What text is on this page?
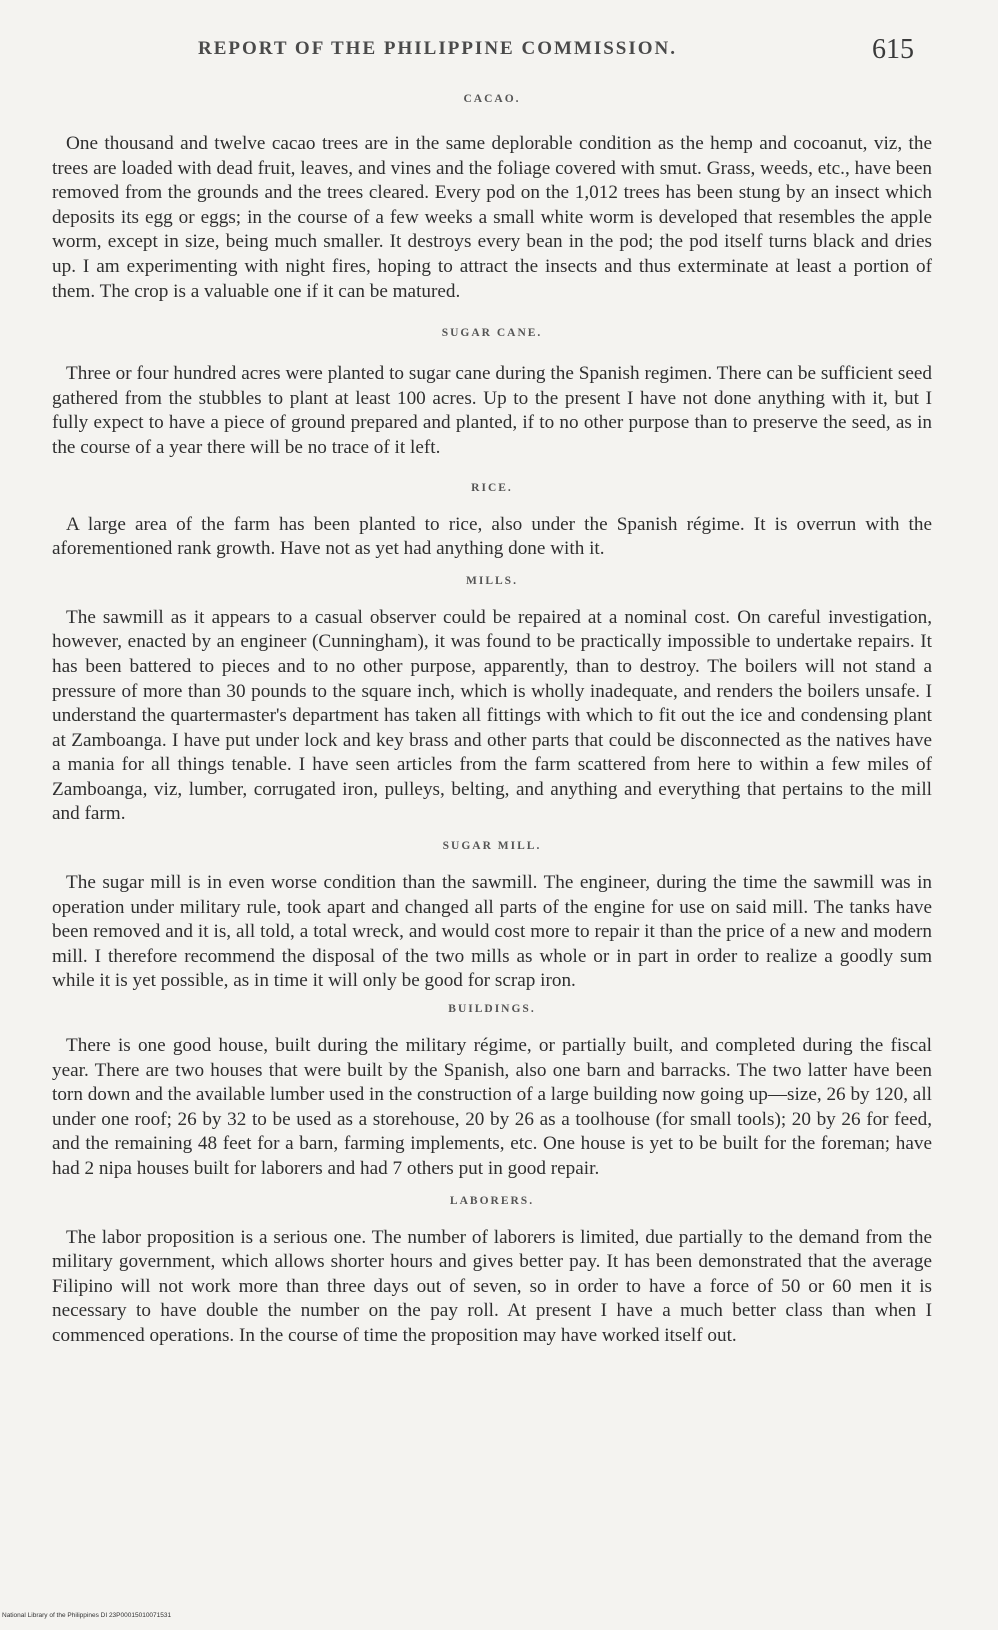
REPORT OF THE PHILIPPINE COMMISSION.	615
CACAO.

One thousand and twelve cacao trees are in the same deplorable condition as the hemp and cocoanut, viz, the trees are loaded with dead fruit, leaves, and vines and the foliage covered with smut. Grass, weeds, etc., have been removed from the grounds and the trees cleared. Every pod on the 1,012 trees has been stung by an insect which deposits its egg or eggs; in the course of a few weeks a small white worm is developed that resembles the apple worm, except in size, being much smaller. It destroys every bean in the pod; the pod itself turns black and dries up. I am experimenting with night fires, hoping to attract the insects and thus exterminate at least a portion of them. The crop is a valuable one if it can be matured.

SUGAR CANE.

Three or four hundred acres were planted to sugar cane during the Spanish regimen. There can be sufficient seed gathered from the stubbles to plant at least 100 acres. Up to the present I have not done anything with it, but I fully expect to have a piece of ground prepared and planted, if to no other purpose than to preserve the seed, as in the course of a year there will be no trace of it left.

RICE.

A large area of the farm has been planted to rice, also under the Spanish régime. It is overrun with the aforementioned rank growth. Have not as yet had anything done with it.

MILLS.

The sawmill as it appears to a casual observer could be repaired at a nominal cost. On careful investigation, however, enacted by an engineer (Cunningham), it was found to be practically impossible to undertake repairs. It has been battered to pieces and to no other purpose, apparently, than to destroy. The boilers will not stand a pressure of more than 30 pounds to the square inch, which is wholly inadequate, and renders the boilers unsafe. I understand the quartermaster's department has taken all fittings with which to fit out the ice and condensing plant at Zamboanga. I have put under lock and key brass and other parts that could be disconnected as the natives have a mania for all things tenable. I have seen articles from the farm scattered from here to within a few miles of Zamboanga, viz, lumber, corrugated iron, pulleys, belting, and anything and everything that pertains to the mill and farm.

SUGAR MILL.

The sugar mill is in even worse condition than the sawmill. The engineer, during the time the sawmill was in operation under military rule, took apart and changed all parts of the engine for use on said mill. The tanks have been removed and it is, all told, a total wreck, and would cost more to repair it than the price of a new and modern mill. I therefore recommend the disposal of the two mills as whole or in part in order to realize a goodly sum while it is yet possible, as in time it will only be good for scrap iron.

BUILDINGS.

There is one good house, built during the military régime, or partially built, and completed during the fiscal year. There are two houses that were built by the Spanish, also one barn and barracks. The two latter have been torn down and the available lumber used in the construction of a large building now going up—size, 26 by 120, all under one roof; 26 by 32 to be used as a storehouse, 20 by 26 as a toolhouse (for small tools); 20 by 26 for feed, and the remaining 48 feet for a barn, farming implements, etc. One house is yet to be built for the foreman; have had 2 nipa houses built for laborers and had 7 others put in good repair.

LABORERS.

The labor proposition is a serious one. The number of laborers is limited, due partially to the demand from the military government, which allows shorter hours and gives better pay. It has been demonstrated that the average Filipino will not work more than three days out of seven, so in order to have a force of 50 or 60 men it is necessary to have double the number on the pay roll. At present I have a much better class than when I commenced operations. In the course of time the proposition may have worked itself out.

National Library of the Philippines DI 23P00015010071531
